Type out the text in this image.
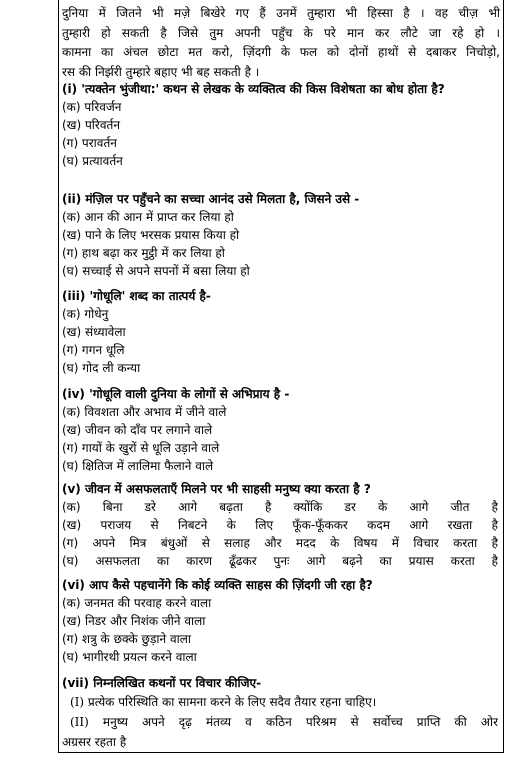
दुनिया में जितने भी मज़े बिखेरे गए हैं उनमें तुम्हारा भी हिस्सा है । वह चीज़ भी

तुम्हारी हो सकती है जिसे तुम अपनी पहुँच के परे मान कर लौटे जा रहे हो ।

कामना का अंचल छोटा मत करो, ज़िंदगी के फल को दोनों हाथों से दबाकर निचोड़ो,

रस की निर्झरी तुम्हारे बहाए भी बह सकती है ।

(i) 'त्यक्तेन भुंजीथा:' कथन से लेखक के व्यक्तित्व की किस विशेषता का बोध होता है?

(क) परिवर्जन

(ख) परिवर्तन

(ग) परावर्तन

(घ) प्रत्यावर्तन

(ii) मंज़िल पर पहुँचने का सच्चा आनंद उसे मिलता है, जिसने उसे -

(क) आन की आन में प्राप्त कर लिया हो

(ख) पाने के लिए भरसक प्रयास किया हो

(ग) हाथ बढ़ा कर मुट्ठी में कर लिया हो

(घ) सच्चाई से अपने सपनों में बसा लिया हो

(iii) 'गोधूलि' शब्द का तात्पर्य है-

(क) गोधेनु

(ख) संध्यावेला

(ग) गगन धूलि

(घ) गोद ली कन्या

(iv) 'गोधूलि वाली दुनिया के लोगों से अभिप्राय है -

(क) विवशता और अभाव में जीने वाले

(ख) जीवन को दाँव पर लगाने वाले

(ग) गायों के खुरों से धूलि उड़ाने वाले

(घ) क्षितिज में लालिमा फैलाने वाले

(v) जीवन में असफलताएँ मिलने पर भी साहसी मनुष्य क्या करता है ?

(क) बिना डरे आगे बढ़ता है क्योंकि डर के आगे जीत है

(ख) पराजय से निबटने के लिए फूँक-फूँककर कदम आगे रखता है

(ग) अपने मित्र बंधुओं से सलाह और मदद के विषय में विचार करता है

(घ) असफलता का कारण ढूँढकर पुनः आगे बढ़ने का प्रयास करता है

(vi) आप कैसे पहचानेंगे कि कोई व्यक्ति साहस की ज़िंदगी जी रहा है?

(क) जनमत की परवाह करने वाला

(ख) निडर और निशंक जीने वाला

(ग) शत्रु के छक्के छुड़ाने वाला

(घ) भागीरथी प्रयत्न करने वाला

(vii) निम्नलिखित कथनों पर विचार कीजिए-

(I) प्रत्येक परिस्थिति का सामना करने के लिए सदैव तैयार रहना चाहिए।

(II) मनुष्य अपने दृढ़ मंतव्य व कठिन परिश्रम से सर्वोच्च प्राप्ति की ओर

अग्रसर रहता है
